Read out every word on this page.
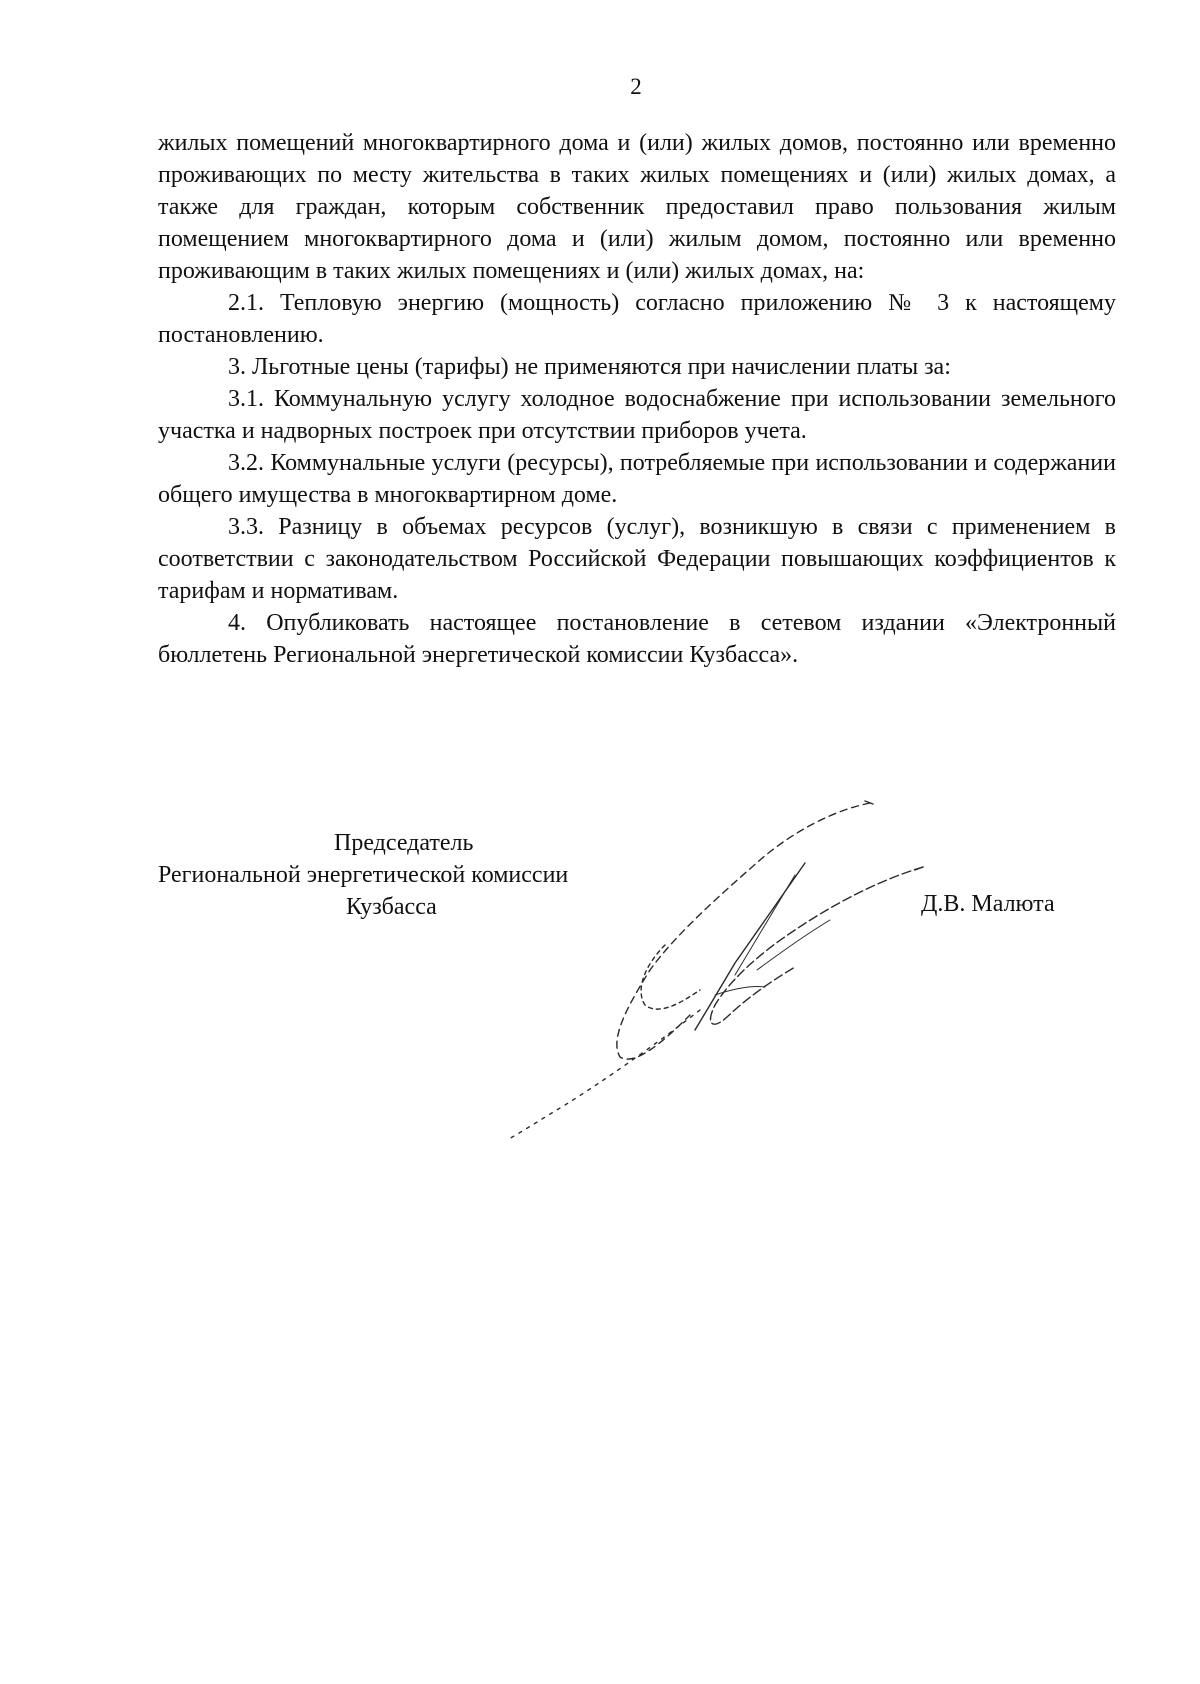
2

жилых помещений многоквартирного дома и (или) жилых домов, постоянно или временно проживающих по месту жительства в таких жилых помещениях и (или) жилых домах, а также для граждан, которым собственник предоставил право пользования жилым помещением многоквартирного дома и (или) жилым домом, постоянно или временно проживающим в таких жилых помещениях и (или) жилых домах, на:

2.1. Тепловую энергию (мощность) согласно приложению № 3 к настоящему постановлению.

3. Льготные цены (тарифы) не применяются при начислении платы за:

3.1. Коммунальную услугу холодное водоснабжение при использовании земельного участка и надворных построек при отсутствии приборов учета.

3.2. Коммунальные услуги (ресурсы), потребляемые при использовании и содержании общего имущества в многоквартирном доме.

3.3. Разницу в объемах ресурсов (услуг), возникшую в связи с применением в соответствии с законодательством Российской Федерации повышающих коэффициентов к тарифам и нормативам.

4. Опубликовать настоящее постановление в сетевом издании «Электронный бюллетень Региональной энергетической комиссии Кузбасса».

Председатель
Региональной энергетической комиссии
Кузбасса	Д.В. Малюта
